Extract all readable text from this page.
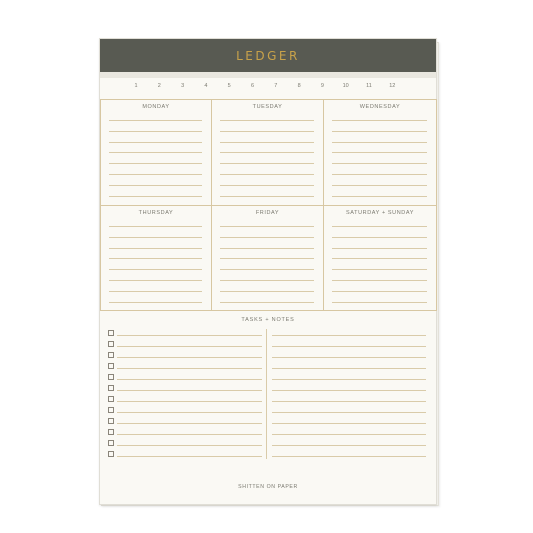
LEDGER
1	2	3	4	5	6	7	8	9	10	11	12
MONDAY	TUESDAY	WEDNESDAY
THURSDAY	FRIDAY	SATURDAY + SUNDAY
TASKS + NOTES
SHITTEN ON PAPER
